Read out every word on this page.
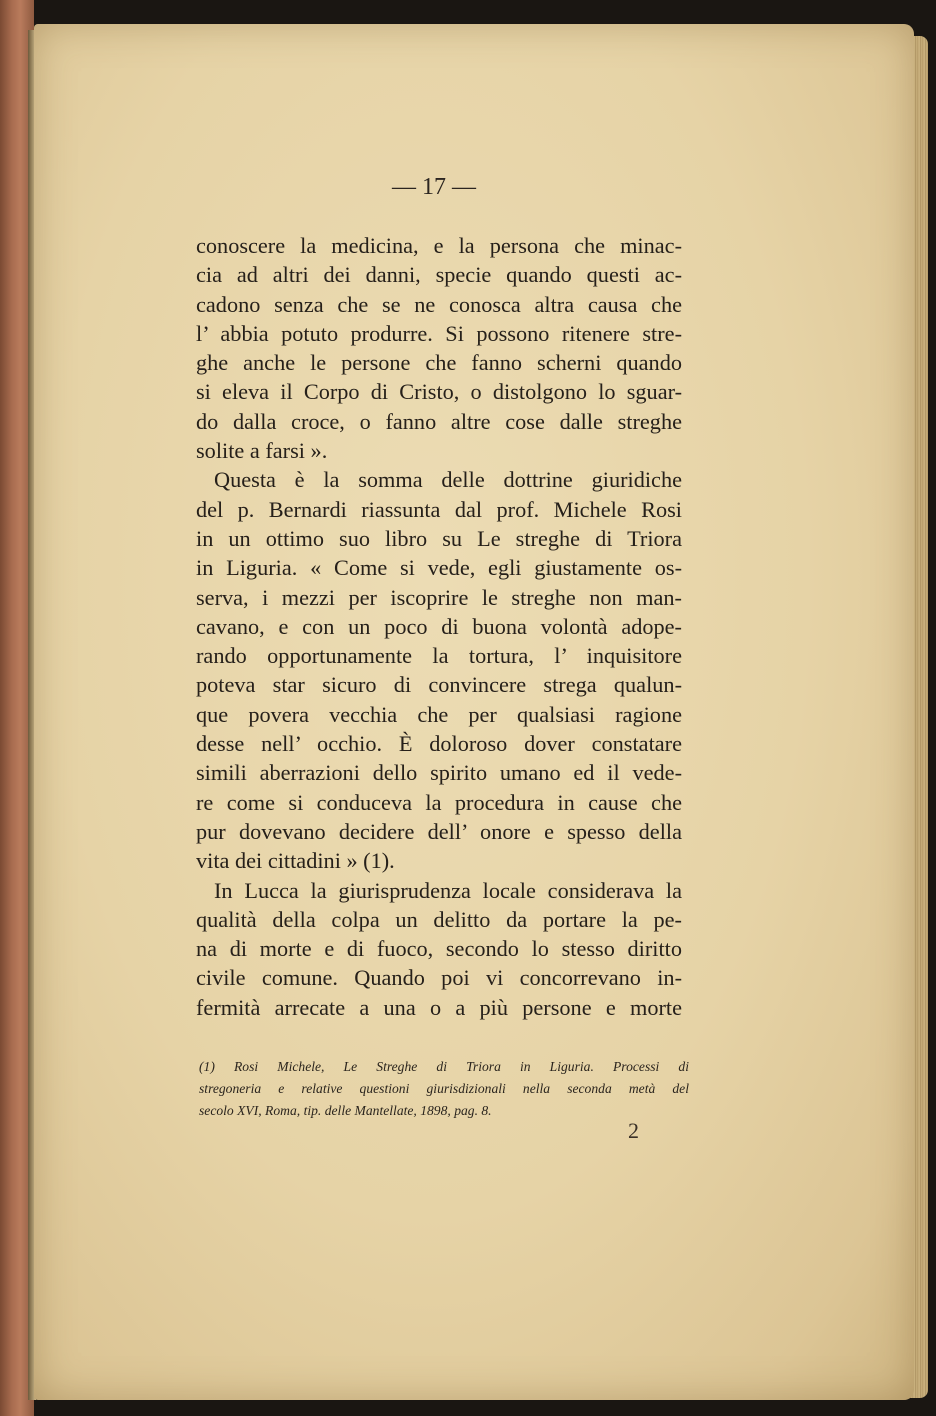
— 17 —
conoscere la medicina, e la persona che minac-
cia ad altri dei danni, specie quando questi ac-
cadono senza che se ne conosca altra causa che
l’ abbia potuto produrre. Si possono ritenere stre-
ghe anche le persone che fanno scherni quando
si eleva il Corpo di Cristo, o distolgono lo sguar-
do dalla croce, o fanno altre cose dalle streghe
solite a farsi ».
Questa è la somma delle dottrine giuridiche
del p. Bernardi riassunta dal prof. Michele Rosi
in un ottimo suo libro su Le streghe di Triora
in Liguria. « Come si vede, egli giustamente os-
serva, i mezzi per iscoprire le streghe non man-
cavano, e con un poco di buona volontà adope-
rando opportunamente la tortura, l’ inquisitore
poteva star sicuro di convincere strega qualun-
que povera vecchia che per qualsiasi ragione
desse nell’ occhio. È doloroso dover constatare
simili aberrazioni dello spirito umano ed il vede-
re come si conduceva la procedura in cause che
pur dovevano decidere dell’ onore e spesso della
vita dei cittadini » (1).
In Lucca la giurisprudenza locale considerava la
qualità della colpa un delitto da portare la pe-
na di morte e di fuoco, secondo lo stesso diritto
civile comune. Quando poi vi concorrevano in-
fermità arrecate a una o a più persone e morte
(1) Rosi Michele, Le Streghe di Triora in Liguria. Processi di
stregoneria e relative questioni giurisdizionali nella seconda metà del
secolo XVI, Roma, tip. delle Mantellate, 1898, pag. 8.
2
